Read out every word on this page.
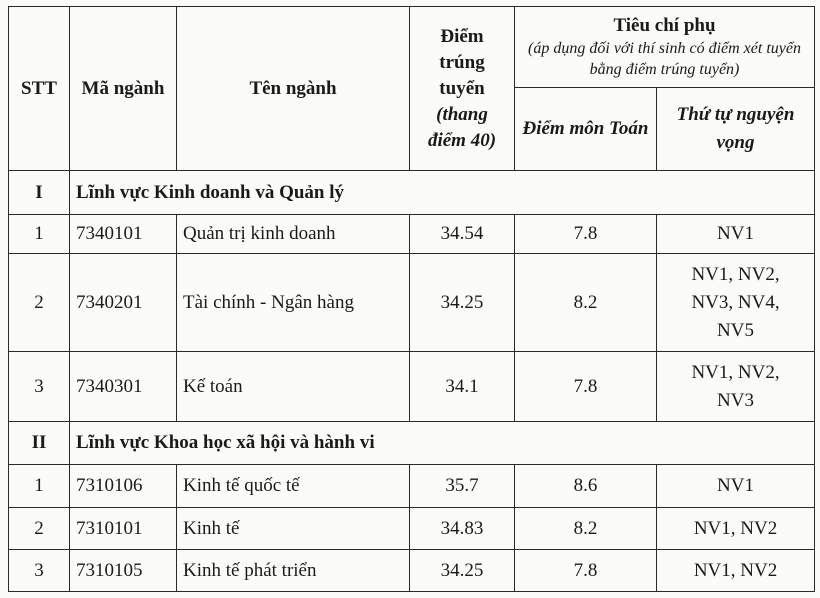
STT	Mã ngành	Tên ngành	Điểm trúng tuyển (thang điểm 40)	Tiêu chí phụ
(áp dụng đối với thí sinh có điểm xét tuyển bằng điểm trúng tuyển)	

				Điểm môn Toán	Thứ tự nguyện vọng
I	Lĩnh vực Kinh doanh và Quản lý				
1	7340101	Quản trị kinh doanh	34.54	7.8	NV1
2	7340201	Tài chính - Ngân hàng	34.25	8.2	NV1, NV2,
NV3, NV4,
NV5

3	7340301	Kế toán	34.1	7.8	NV1, NV2,
NV3

II	Lĩnh vực Khoa học xã hội và hành vi				
1	7310106	Kinh tế quốc tế	35.7	8.6	NV1
2	7310101	Kinh tế	34.83	8.2	NV1, NV2
3	7310105	Kinh tế phát triển	34.25	7.8	NV1, NV2
